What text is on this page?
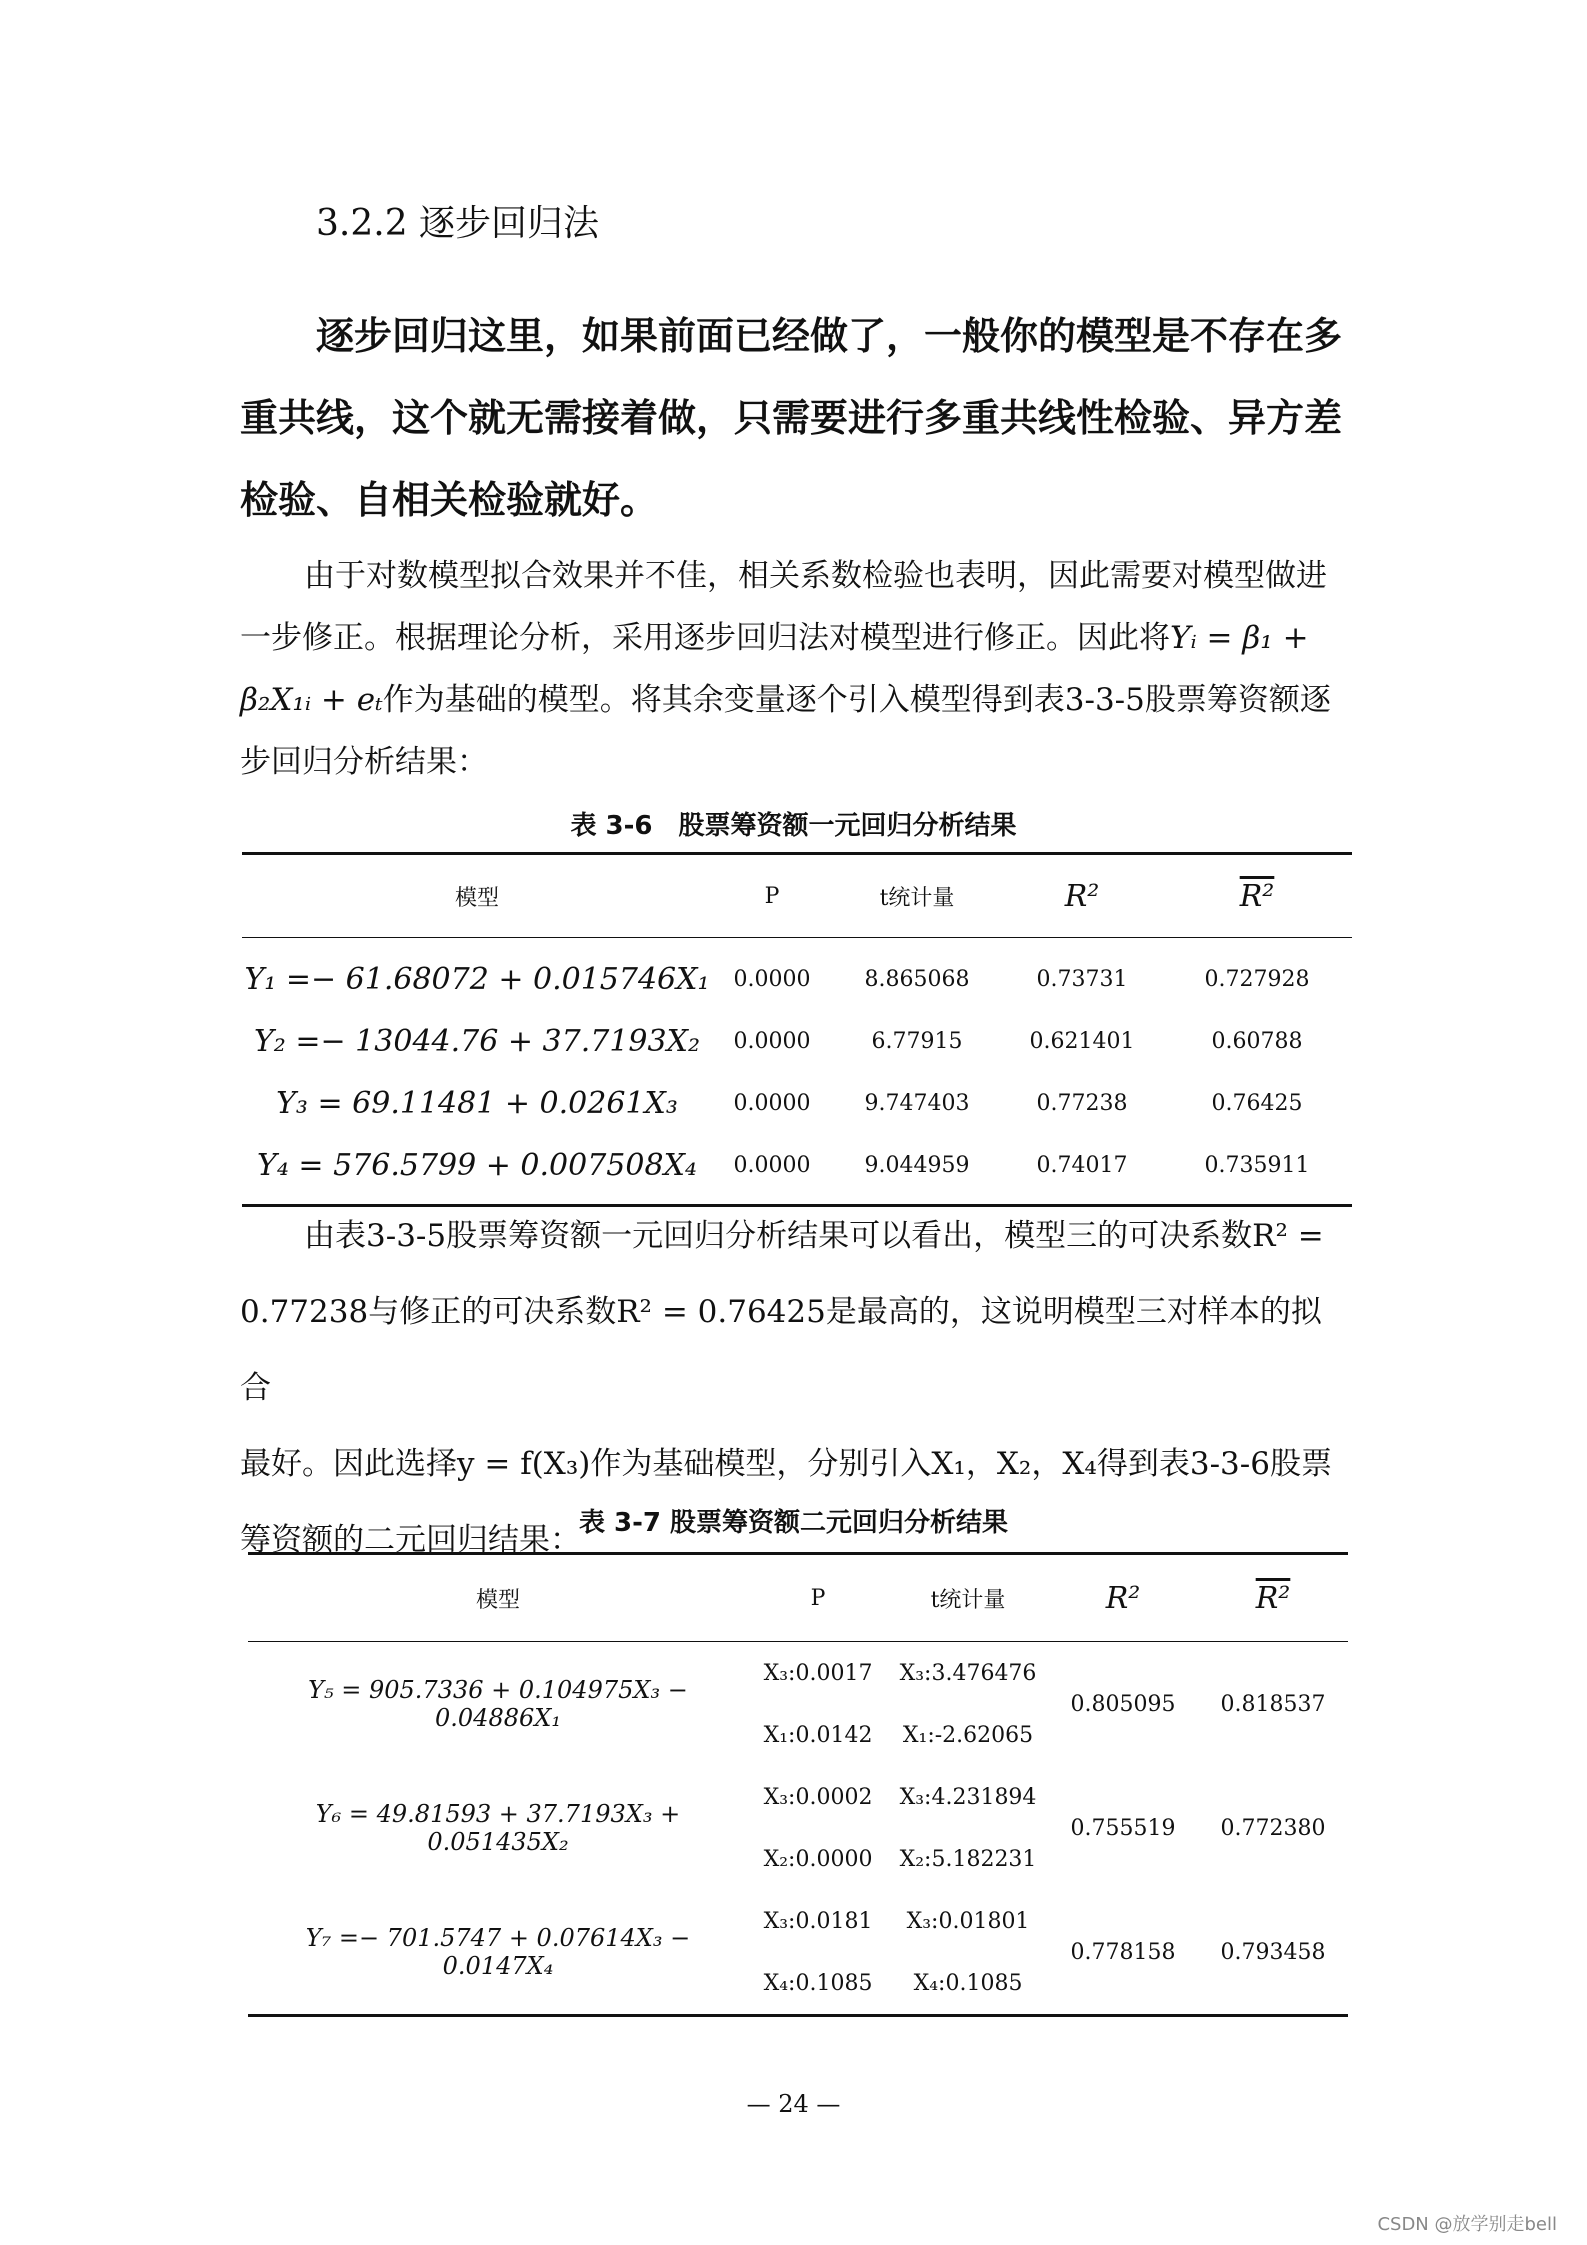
3.2.2 逐步回归法
逐步回归这里，如果前面已经做了，一般你的模型是不存在多重共线，这个就无需接着做，只需要进行多重共线性检验、异方差检验、自相关检验就好。
由于对数模型拟合效果并不佳，相关系数检验也表明，因此需要对模型做进一步修正。根据理论分析，采用逐步回归法对模型进行修正。因此将Yᵢ = β₁ + β₂X₁ᵢ + eₜ作为基础的模型。将其余变量逐个引入模型得到表3-3-5股票筹资额逐步回归分析结果：
表 3-6　股票筹资额一元回归分析结果
模型	P	t统计量	R²	R²
Y₁ =− 61.68072 + 0.015746X₁	0.0000	8.865068	0.73731	0.727928
Y₂ =− 13044.76 + 37.7193X₂	0.0000	6.77915	0.621401	0.60788
Y₃ = 69.11481 + 0.0261X₃	0.0000	9.747403	0.77238	0.76425
Y₄ = 576.5799 + 0.007508X₄	0.0000	9.044959	0.74017	0.735911
由表3-3-5股票筹资额一元回归分析结果可以看出，模型三的可决系数R² =
0.77238与修正的可决系数R² = 0.76425是最高的，这说明模型三对样本的拟合
最好。因此选择y = f(X₃)作为基础模型，分别引入X₁，X₂，X₄得到表3-3-6股票
筹资额的二元回归结果：
表 3-7 股票筹资额二元回归分析结果
模型	P	t统计量	R²	R²
Y₅ = 905.7336 + 0.104975X₃ − 0.04886X₁	X₃:0.0017	X₃:3.476476	0.805095	0.818537
	X₁:0.0142	X₁:-2.62065		
Y₆ = 49.81593 + 37.7193X₃ + 0.051435X₂	X₃:0.0002	X₃:4.231894	0.755519	0.772380
	X₂:0.0000	X₂:5.182231		
Y₇ =− 701.5747 + 0.07614X₃ − 0.0147X₄	X₃:0.0181	X₃:0.01801	0.778158	0.793458
	X₄:0.1085	X₄:0.1085		
— 24 —
CSDN @放学别走bell
